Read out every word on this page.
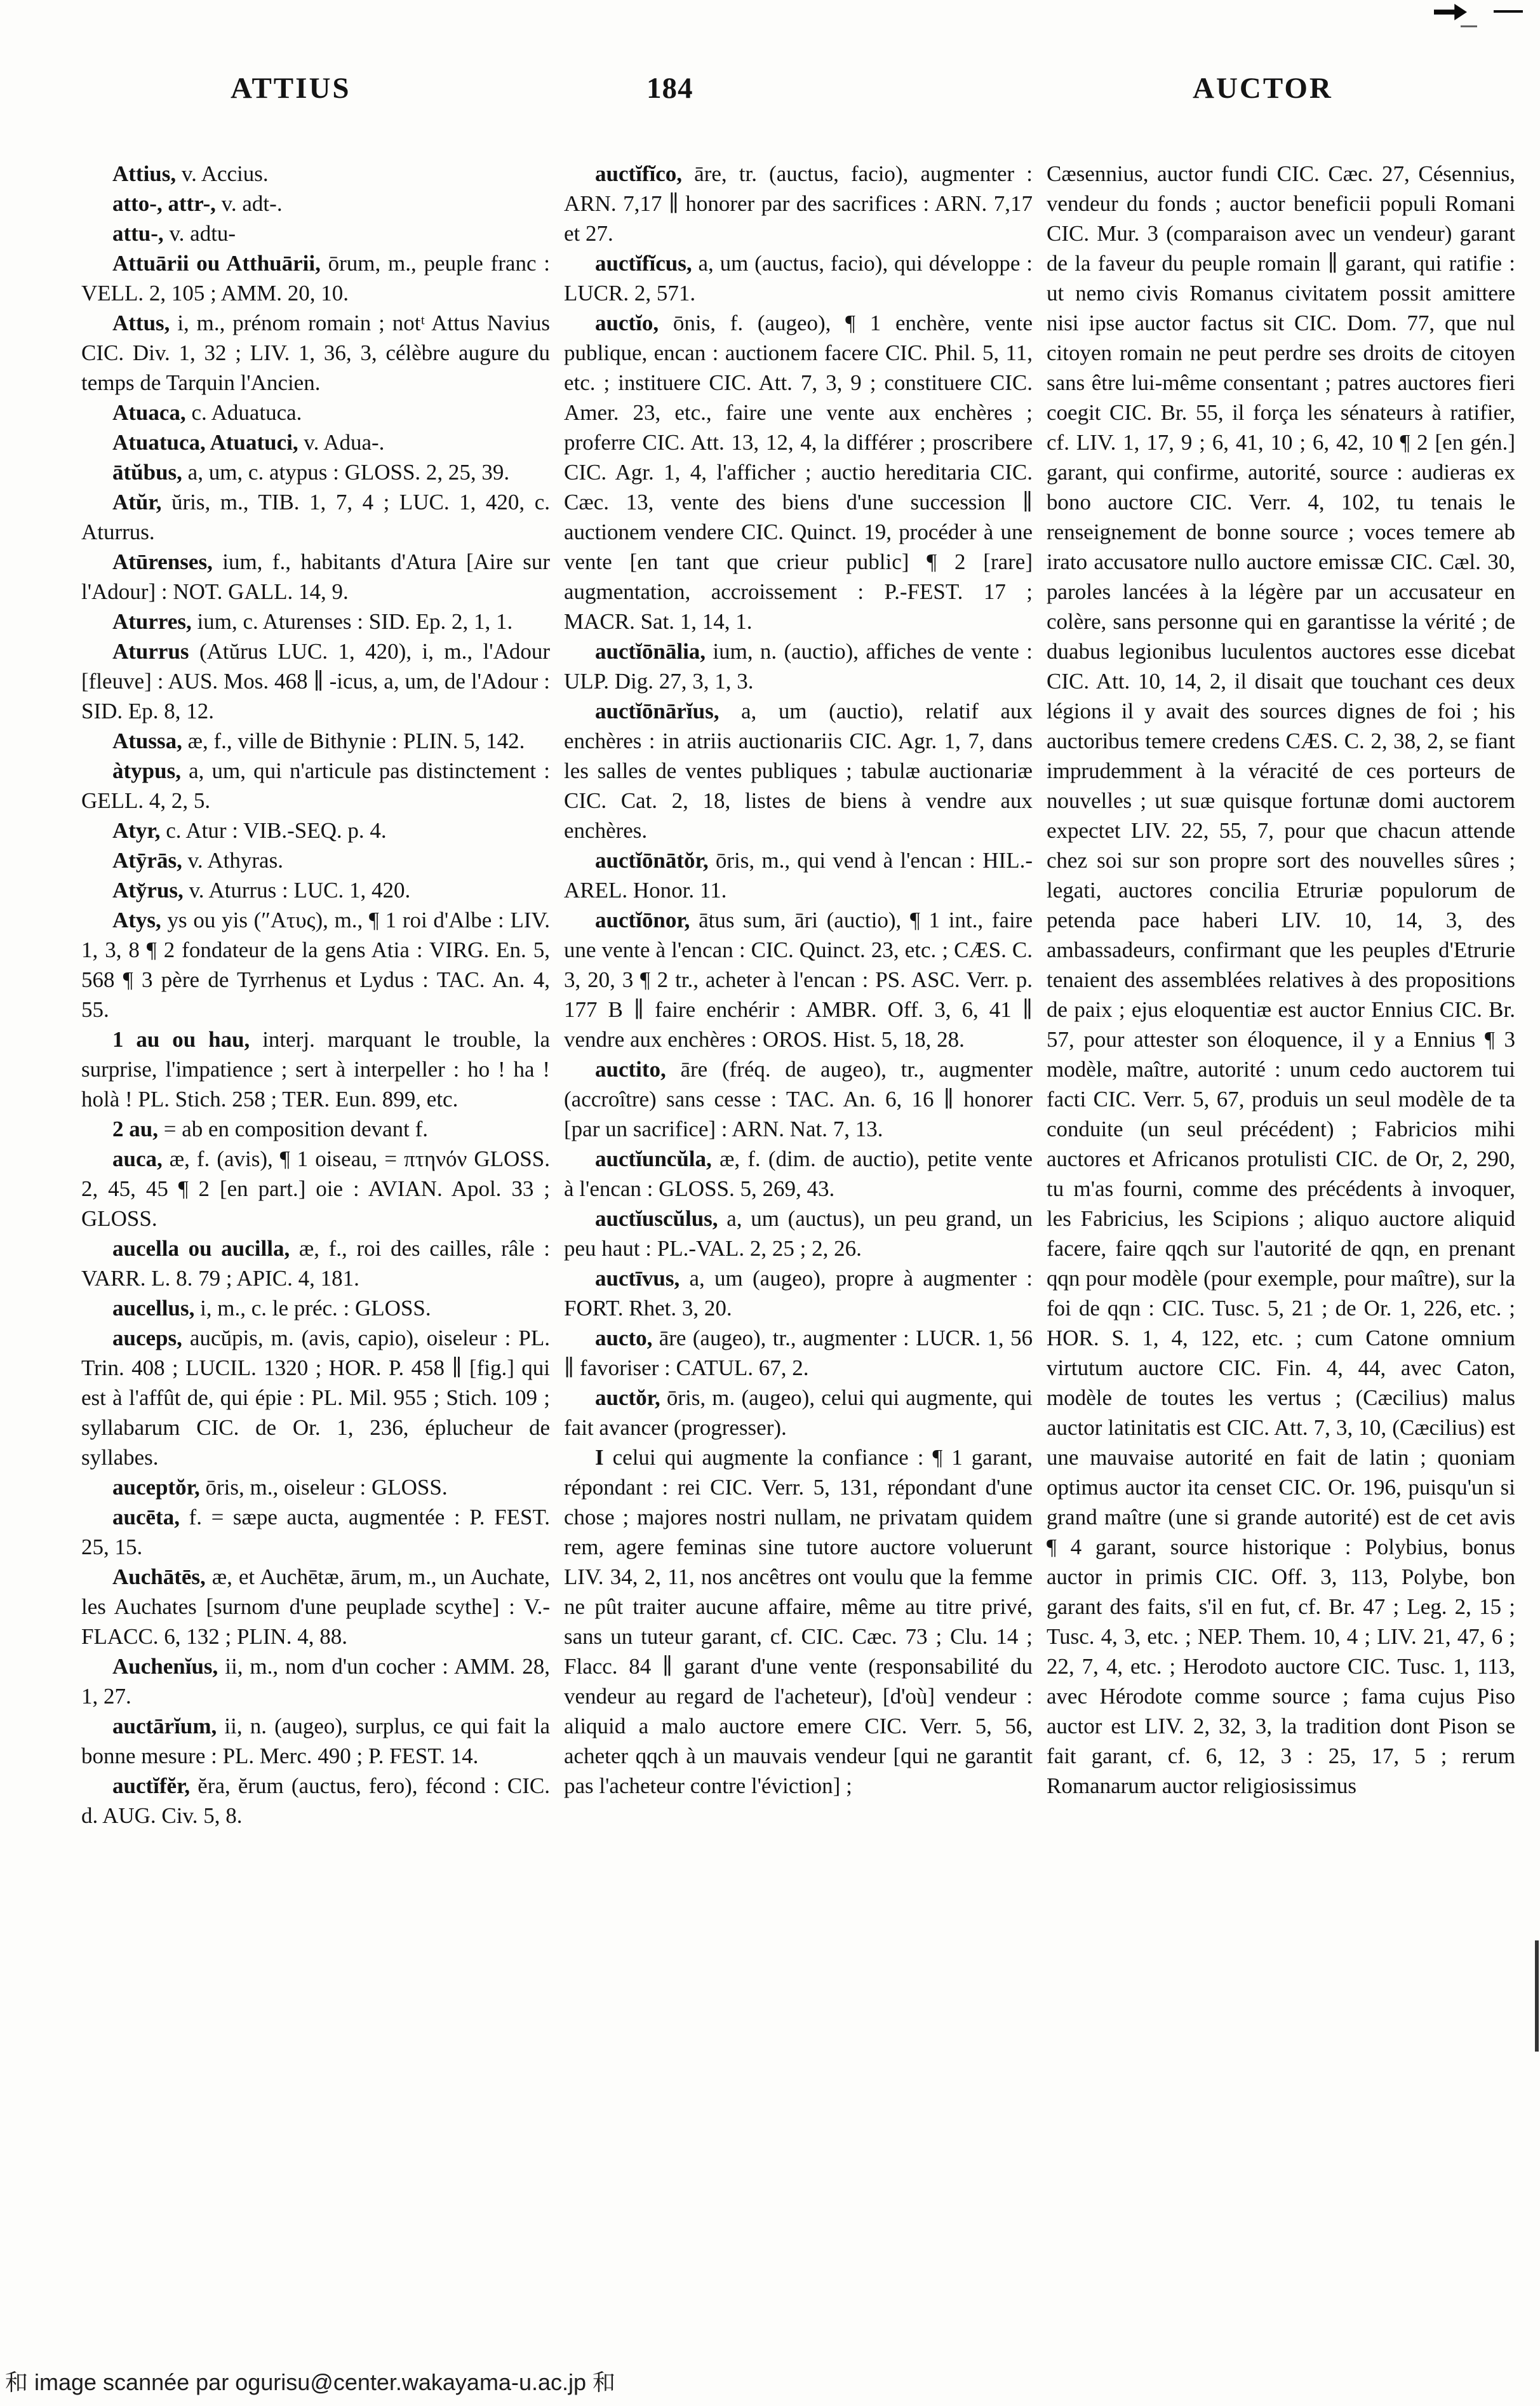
ATTIUS	184	AUCTOR

Attius, v. Accius.

atto-, attr-, v. adt-.

attu-, v. adtu-

Attuārii ou Atthuārii, ōrum, m., peuple franc : VELL. 2, 105 ; AMM. 20, 10.

Attus, i, m., prénom romain ; notᵗ Attus Navius CIC. Div. 1, 32 ; LIV. 1, 36, 3, célèbre augure du temps de Tarquin l'Ancien.

Atuaca, c. Aduatuca.

Atuatuca, Atuatuci, v. Adua-.

ātŭbus, a, um, c. atypus : GLOSS. 2, 25, 39.

Atŭr, ŭris, m., TIB. 1, 7, 4 ; LUC. 1, 420, c. Aturrus.

Atūrenses, ium, f., habitants d'Atura [Aire sur l'Adour] : NOT. GALL. 14, 9.

Aturres, ium, c. Aturenses : SID. Ep. 2, 1, 1.

Aturrus (Atŭrus LUC. 1, 420), i, m., l'Adour [fleuve] : AUS. Mos. 468 ∥ -icus, a, um, de l'Adour : SID. Ep. 8, 12.

Atussa, æ, f., ville de Bithynie : PLIN. 5, 142.

àtypus, a, um, qui n'articule pas distinctement : GELL. 4, 2, 5.

Atyr, c. Atur : VIB.-SEQ. p. 4.

Atȳrās, v. Athyras.

Aty̆rus, v. Aturrus : LUC. 1, 420.

Atys, ys ou yis (″Ατυς), m., ¶ 1 roi d'Albe : LIV. 1, 3, 8 ¶ 2 fondateur de la gens Atia : VIRG. En. 5, 568 ¶ 3 père de Tyrrhenus et Lydus : TAC. An. 4, 55.

1 au ou hau, interj. marquant le trouble, la surprise, l'impatience ; sert à interpeller : ho ! ha ! holà ! PL. Stich. 258 ; TER. Eun. 899, etc.

2 au, = ab en composition devant f.

auca, æ, f. (avis), ¶ 1 oiseau, = πτηνόν GLOSS. 2, 45, 45 ¶ 2 [en part.] oie : AVIAN. Apol. 33 ; GLOSS.

aucella ou aucilla, æ, f., roi des cailles, râle : VARR. L. 8. 79 ; APIC. 4, 181.

aucellus, i, m., c. le préc. : GLOSS.

auceps, aucŭpis, m. (avis, capio), oiseleur : PL. Trin. 408 ; LUCIL. 1320 ; HOR. P. 458 ∥ [fig.] qui est à l'affût de, qui épie : PL. Mil. 955 ; Stich. 109 ; syllabarum CIC. de Or. 1, 236, éplucheur de syllabes.

auceptŏr, ōris, m., oiseleur : GLOSS.

aucēta, f. = sæpe aucta, augmentée : P. FEST. 25, 15.

Auchātēs, æ, et Auchētæ, ārum, m., un Auchate, les Auchates [surnom d'une peuplade scythe] : V.-FLACC. 6, 132 ; PLIN. 4, 88.

Auchenĭus, ii, m., nom d'un cocher : AMM. 28, 1, 27.

auctārĭum, ii, n. (augeo), surplus, ce qui fait la bonne mesure : PL. Merc. 490 ; P. FEST. 14.

auctĭfĕr, ĕra, ĕrum (auctus, fero), fécond : CIC. d. AUG. Civ. 5, 8.

auctĭfĭco, āre, tr. (auctus, facio), augmenter : ARN. 7,17 ∥ honorer par des sacrifices : ARN. 7,17 et 27.

auctĭfĭcus, a, um (auctus, facio), qui développe : LUCR. 2, 571.

auctĭo, ōnis, f. (augeo), ¶ 1 enchère, vente publique, encan : auctionem facere CIC. Phil. 5, 11, etc. ; instituere CIC. Att. 7, 3, 9 ; constituere CIC. Amer. 23, etc., faire une vente aux enchères ; proferre CIC. Att. 13, 12, 4, la différer ; proscribere CIC. Agr. 1, 4, l'afficher ; auctio hereditaria CIC. Cæc. 13, vente des biens d'une succession ∥ auctionem vendere CIC. Quinct. 19, procéder à une vente [en tant que crieur public] ¶ 2 [rare] augmentation, accroissement : P.-FEST. 17 ; MACR. Sat. 1, 14, 1.

auctĭōnālia, ium, n. (auctio), affiches de vente : ULP. Dig. 27, 3, 1, 3.

auctĭōnārĭus, a, um (auctio), relatif aux enchères : in atriis auctionariis CIC. Agr. 1, 7, dans les salles de ventes publiques ; tabulæ auctionariæ CIC. Cat. 2, 18, listes de biens à vendre aux enchères.

auctĭōnātŏr, ōris, m., qui vend à l'encan : HIL.-AREL. Honor. 11.

auctĭōnor, ātus sum, āri (auctio), ¶ 1 int., faire une vente à l'encan : CIC. Quinct. 23, etc. ; CÆS. C. 3, 20, 3 ¶ 2 tr., acheter à l'encan : PS. ASC. Verr. p. 177 B ∥ faire enchérir : AMBR. Off. 3, 6, 41 ∥ vendre aux enchères : OROS. Hist. 5, 18, 28.

auctito, āre (fréq. de augeo), tr., augmenter (accroître) sans cesse : TAC. An. 6, 16 ∥ honorer [par un sacrifice] : ARN. Nat. 7, 13.

auctĭuncŭla, æ, f. (dim. de auctio), petite vente à l'encan : GLOSS. 5, 269, 43.

auctĭuscŭlus, a, um (auctus), un peu grand, un peu haut : PL.-VAL. 2, 25 ; 2, 26.

auctīvus, a, um (augeo), propre à augmenter : FORT. Rhet. 3, 20.

aucto, āre (augeo), tr., augmenter : LUCR. 1, 56 ∥ favoriser : CATUL. 67, 2.

auctŏr, ōris, m. (augeo), celui qui augmente, qui fait avancer (progresser).

I celui qui augmente la confiance : ¶ 1 garant, répondant : rei CIC. Verr. 5, 131, répondant d'une chose ; majores nostri nullam, ne privatam quidem rem, agere feminas sine tutore auctore voluerunt LIV. 34, 2, 11, nos ancêtres ont voulu que la femme ne pût traiter aucune affaire, même au titre privé, sans un tuteur garant, cf. CIC. Cæc. 73 ; Clu. 14 ; Flacc. 84 ∥ garant d'une vente (responsabilité du vendeur au regard de l'acheteur), [d'où] vendeur : aliquid a malo auctore emere CIC. Verr. 5, 56, acheter qqch à un mauvais vendeur [qui ne garantit pas l'acheteur contre l'éviction] ;

Cæsennius, auctor fundi CIC. Cæc. 27, Césennius, vendeur du fonds ; auctor beneficii populi Romani CIC. Mur. 3 (comparaison avec un vendeur) garant de la faveur du peuple romain ∥ garant, qui ratifie : ut nemo civis Romanus civitatem possit amittere nisi ipse auctor factus sit CIC. Dom. 77, que nul citoyen romain ne peut perdre ses droits de citoyen sans être lui-même consentant ; patres auctores fieri coegit CIC. Br. 55, il força les sénateurs à ratifier, cf. LIV. 1, 17, 9 ; 6, 41, 10 ; 6, 42, 10 ¶ 2 [en gén.] garant, qui confirme, autorité, source : audieras ex bono auctore CIC. Verr. 4, 102, tu tenais le renseignement de bonne source ; voces temere ab irato accusatore nullo auctore emissæ CIC. Cæl. 30, paroles lancées à la légère par un accusateur en colère, sans personne qui en garantisse la vérité ; de duabus legionibus luculentos auctores esse dicebat CIC. Att. 10, 14, 2, il disait que touchant ces deux légions il y avait des sources dignes de foi ; his auctoribus temere credens CÆS. C. 2, 38, 2, se fiant imprudemment à la véracité de ces porteurs de nouvelles ; ut suæ quisque fortunæ domi auctorem expectet LIV. 22, 55, 7, pour que chacun attende chez soi sur son propre sort des nouvelles sûres ; legati, auctores concilia Etruriæ populorum de petenda pace haberi LIV. 10, 14, 3, des ambassadeurs, confirmant que les peuples d'Etrurie tenaient des assemblées relatives à des propositions de paix ; ejus eloquentiæ est auctor Ennius CIC. Br. 57, pour attester son éloquence, il y a Ennius ¶ 3 modèle, maître, autorité : unum cedo auctorem tui facti CIC. Verr. 5, 67, produis un seul modèle de ta conduite (un seul précédent) ; Fabricios mihi auctores et Africanos protulisti CIC. de Or, 2, 290, tu m'as fourni, comme des précédents à invoquer, les Fabricius, les Scipions ; aliquo auctore aliquid facere, faire qqch sur l'autorité de qqn, en prenant qqn pour modèle (pour exemple, pour maître), sur la foi de qqn : CIC. Tusc. 5, 21 ; de Or. 1, 226, etc. ; HOR. S. 1, 4, 122, etc. ; cum Catone omnium virtutum auctore CIC. Fin. 4, 44, avec Caton, modèle de toutes les vertus ; (Cæcilius) malus auctor latinitatis est CIC. Att. 7, 3, 10, (Cæcilius) est une mauvaise autorité en fait de latin ; quoniam optimus auctor ita censet CIC. Or. 196, puisqu'un si grand maître (une si grande autorité) est de cet avis ¶ 4 garant, source historique : Polybius, bonus auctor in primis CIC. Off. 3, 113, Polybe, bon garant des faits, s'il en fut, cf. Br. 47 ; Leg. 2, 15 ; Tusc. 4, 3, etc. ; NEP. Them. 10, 4 ; LIV. 21, 47, 6 ; 22, 7, 4, etc. ; Herodoto auctore CIC. Tusc. 1, 113, avec Hérodote comme source ; fama cujus Piso auctor est LIV. 2, 32, 3, la tradition dont Pison se fait garant, cf. 6, 12, 3 : 25, 17, 5 ; rerum Romanarum auctor religiosissimus

和 image scannée par ogurisu@center.wakayama-u.ac.jp 和
